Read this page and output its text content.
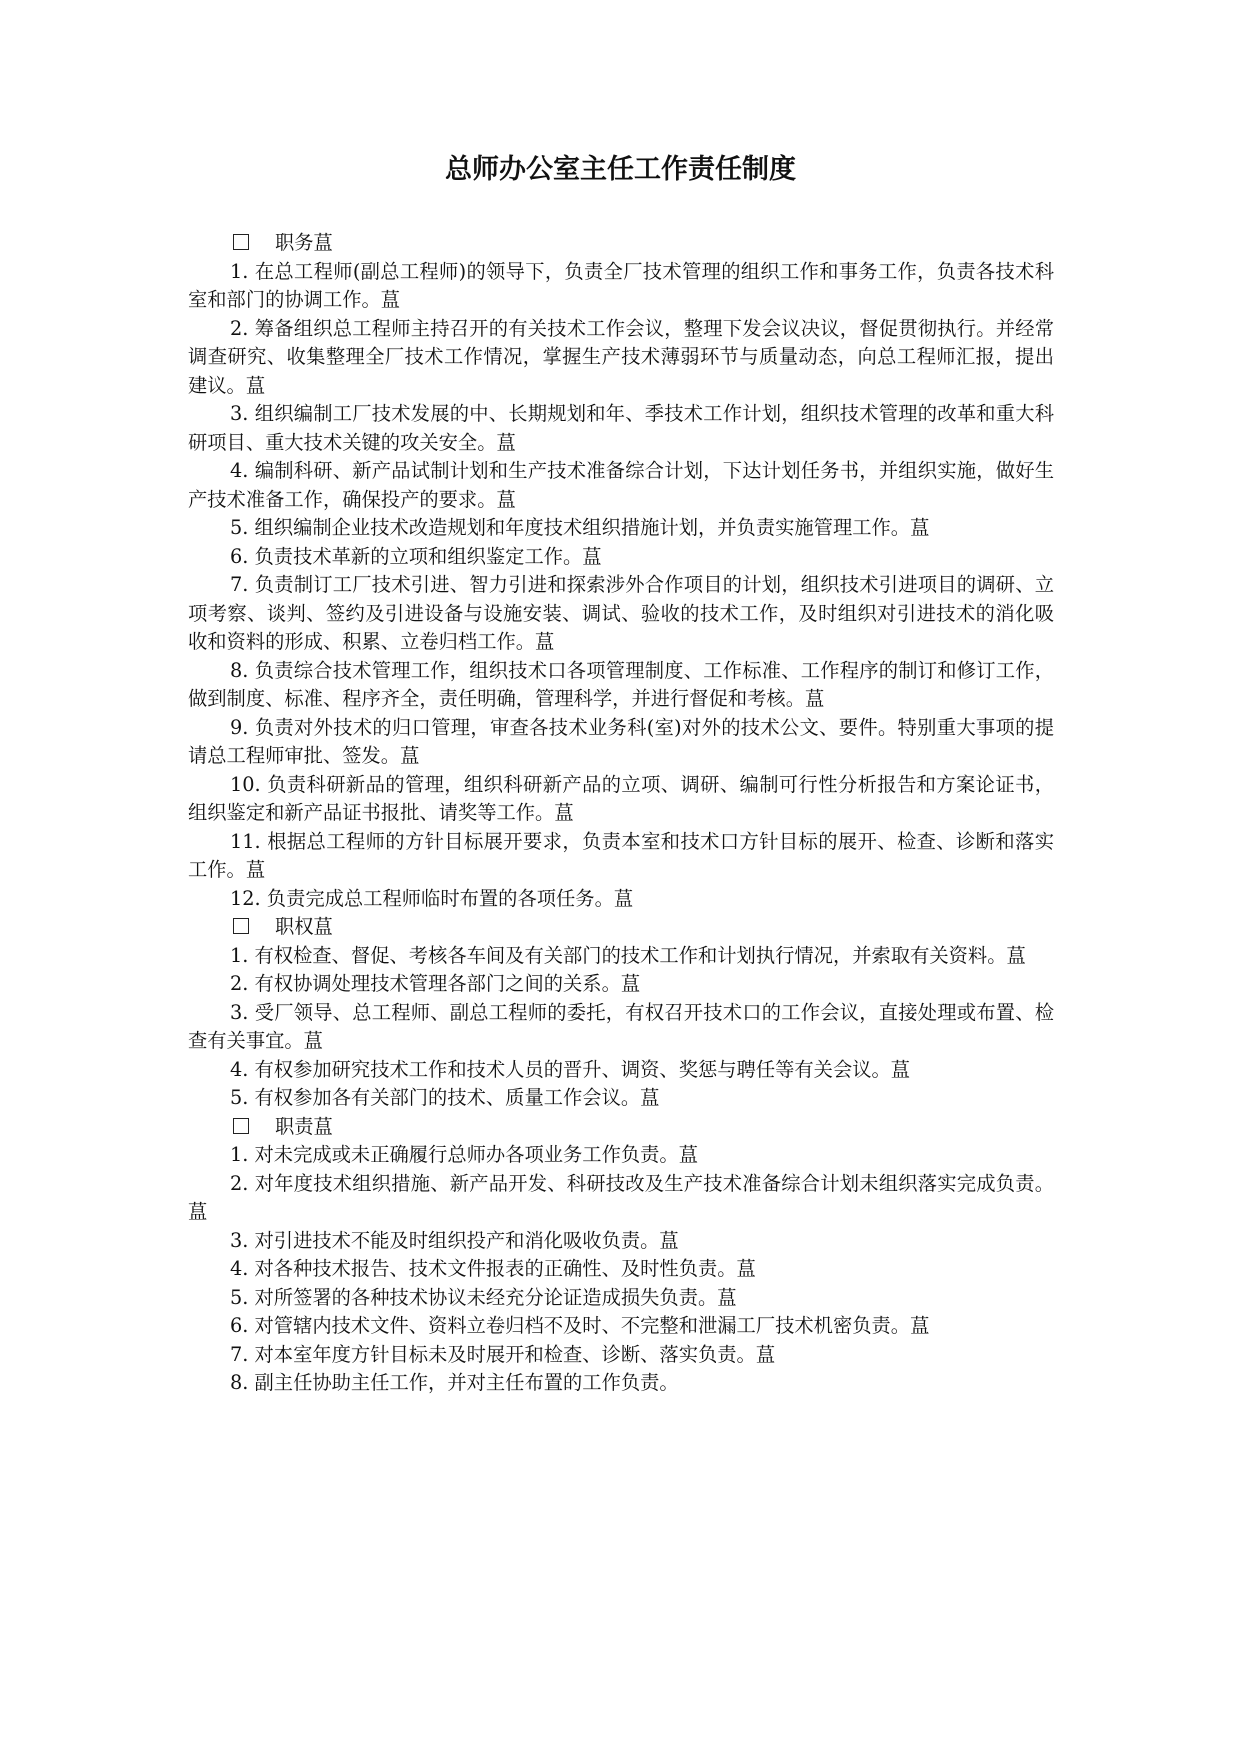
总师办公室主任工作责任制度

职务蒀

1. 在总工程师(副总工程师)的领导下，负责全厂技术管理的组织工作和事务工作，负责各技术科室和部门的协调工作。蒀

2. 筹备组织总工程师主持召开的有关技术工作会议，整理下发会议决议，督促贯彻执行。并经常调查研究、收集整理全厂技术工作情况，掌握生产技术薄弱环节与质量动态，向总工程师汇报，提出建议。蒀

3. 组织编制工厂技术发展的中、长期规划和年、季技术工作计划，组织技术管理的改革和重大科研项目、重大技术关键的攻关安全。蒀

4. 编制科研、新产品试制计划和生产技术准备综合计划，下达计划任务书，并组织实施，做好生产技术准备工作，确保投产的要求。蒀

5. 组织编制企业技术改造规划和年度技术组织措施计划，并负责实施管理工作。蒀

6. 负责技术革新的立项和组织鉴定工作。蒀

7. 负责制订工厂技术引进、智力引进和探索涉外合作项目的计划，组织技术引进项目的调研、立项考察、谈判、签约及引进设备与设施安装、调试、验收的技术工作，及时组织对引进技术的消化吸收和资料的形成、积累、立卷归档工作。蒀

8. 负责综合技术管理工作，组织技术口各项管理制度、工作标准、工作程序的制订和修订工作，做到制度、标准、程序齐全，责任明确，管理科学，并进行督促和考核。蒀

9. 负责对外技术的归口管理，审查各技术业务科(室)对外的技术公文、要件。特别重大事项的提请总工程师审批、签发。蒀

10. 负责科研新品的管理，组织科研新产品的立项、调研、编制可行性分析报告和方案论证书，组织鉴定和新产品证书报批、请奖等工作。蒀

11. 根据总工程师的方针目标展开要求，负责本室和技术口方针目标的展开、检查、诊断和落实工作。蒀

12. 负责完成总工程师临时布置的各项任务。蒀

职权蒀

1. 有权检查、督促、考核各车间及有关部门的技术工作和计划执行情况，并索取有关资料。蒀

2. 有权协调处理技术管理各部门之间的关系。蒀

3. 受厂领导、总工程师、副总工程师的委托，有权召开技术口的工作会议，直接处理或布置、检查有关事宜。蒀

4. 有权参加研究技术工作和技术人员的晋升、调资、奖惩与聘任等有关会议。蒀

5. 有权参加各有关部门的技术、质量工作会议。蒀

职责蒀

1. 对未完成或未正确履行总师办各项业务工作负责。蒀

2. 对年度技术组织措施、新产品开发、科研技改及生产技术准备综合计划未组织落实完成负责。蒀

3. 对引进技术不能及时组织投产和消化吸收负责。蒀

4. 对各种技术报告、技术文件报表的正确性、及时性负责。蒀

5. 对所签署的各种技术协议未经充分论证造成损失负责。蒀

6. 对管辖内技术文件、资料立卷归档不及时、不完整和泄漏工厂技术机密负责。蒀

7. 对本室年度方针目标未及时展开和检查、诊断、落实负责。蒀

8. 副主任协助主任工作，并对主任布置的工作负责。
